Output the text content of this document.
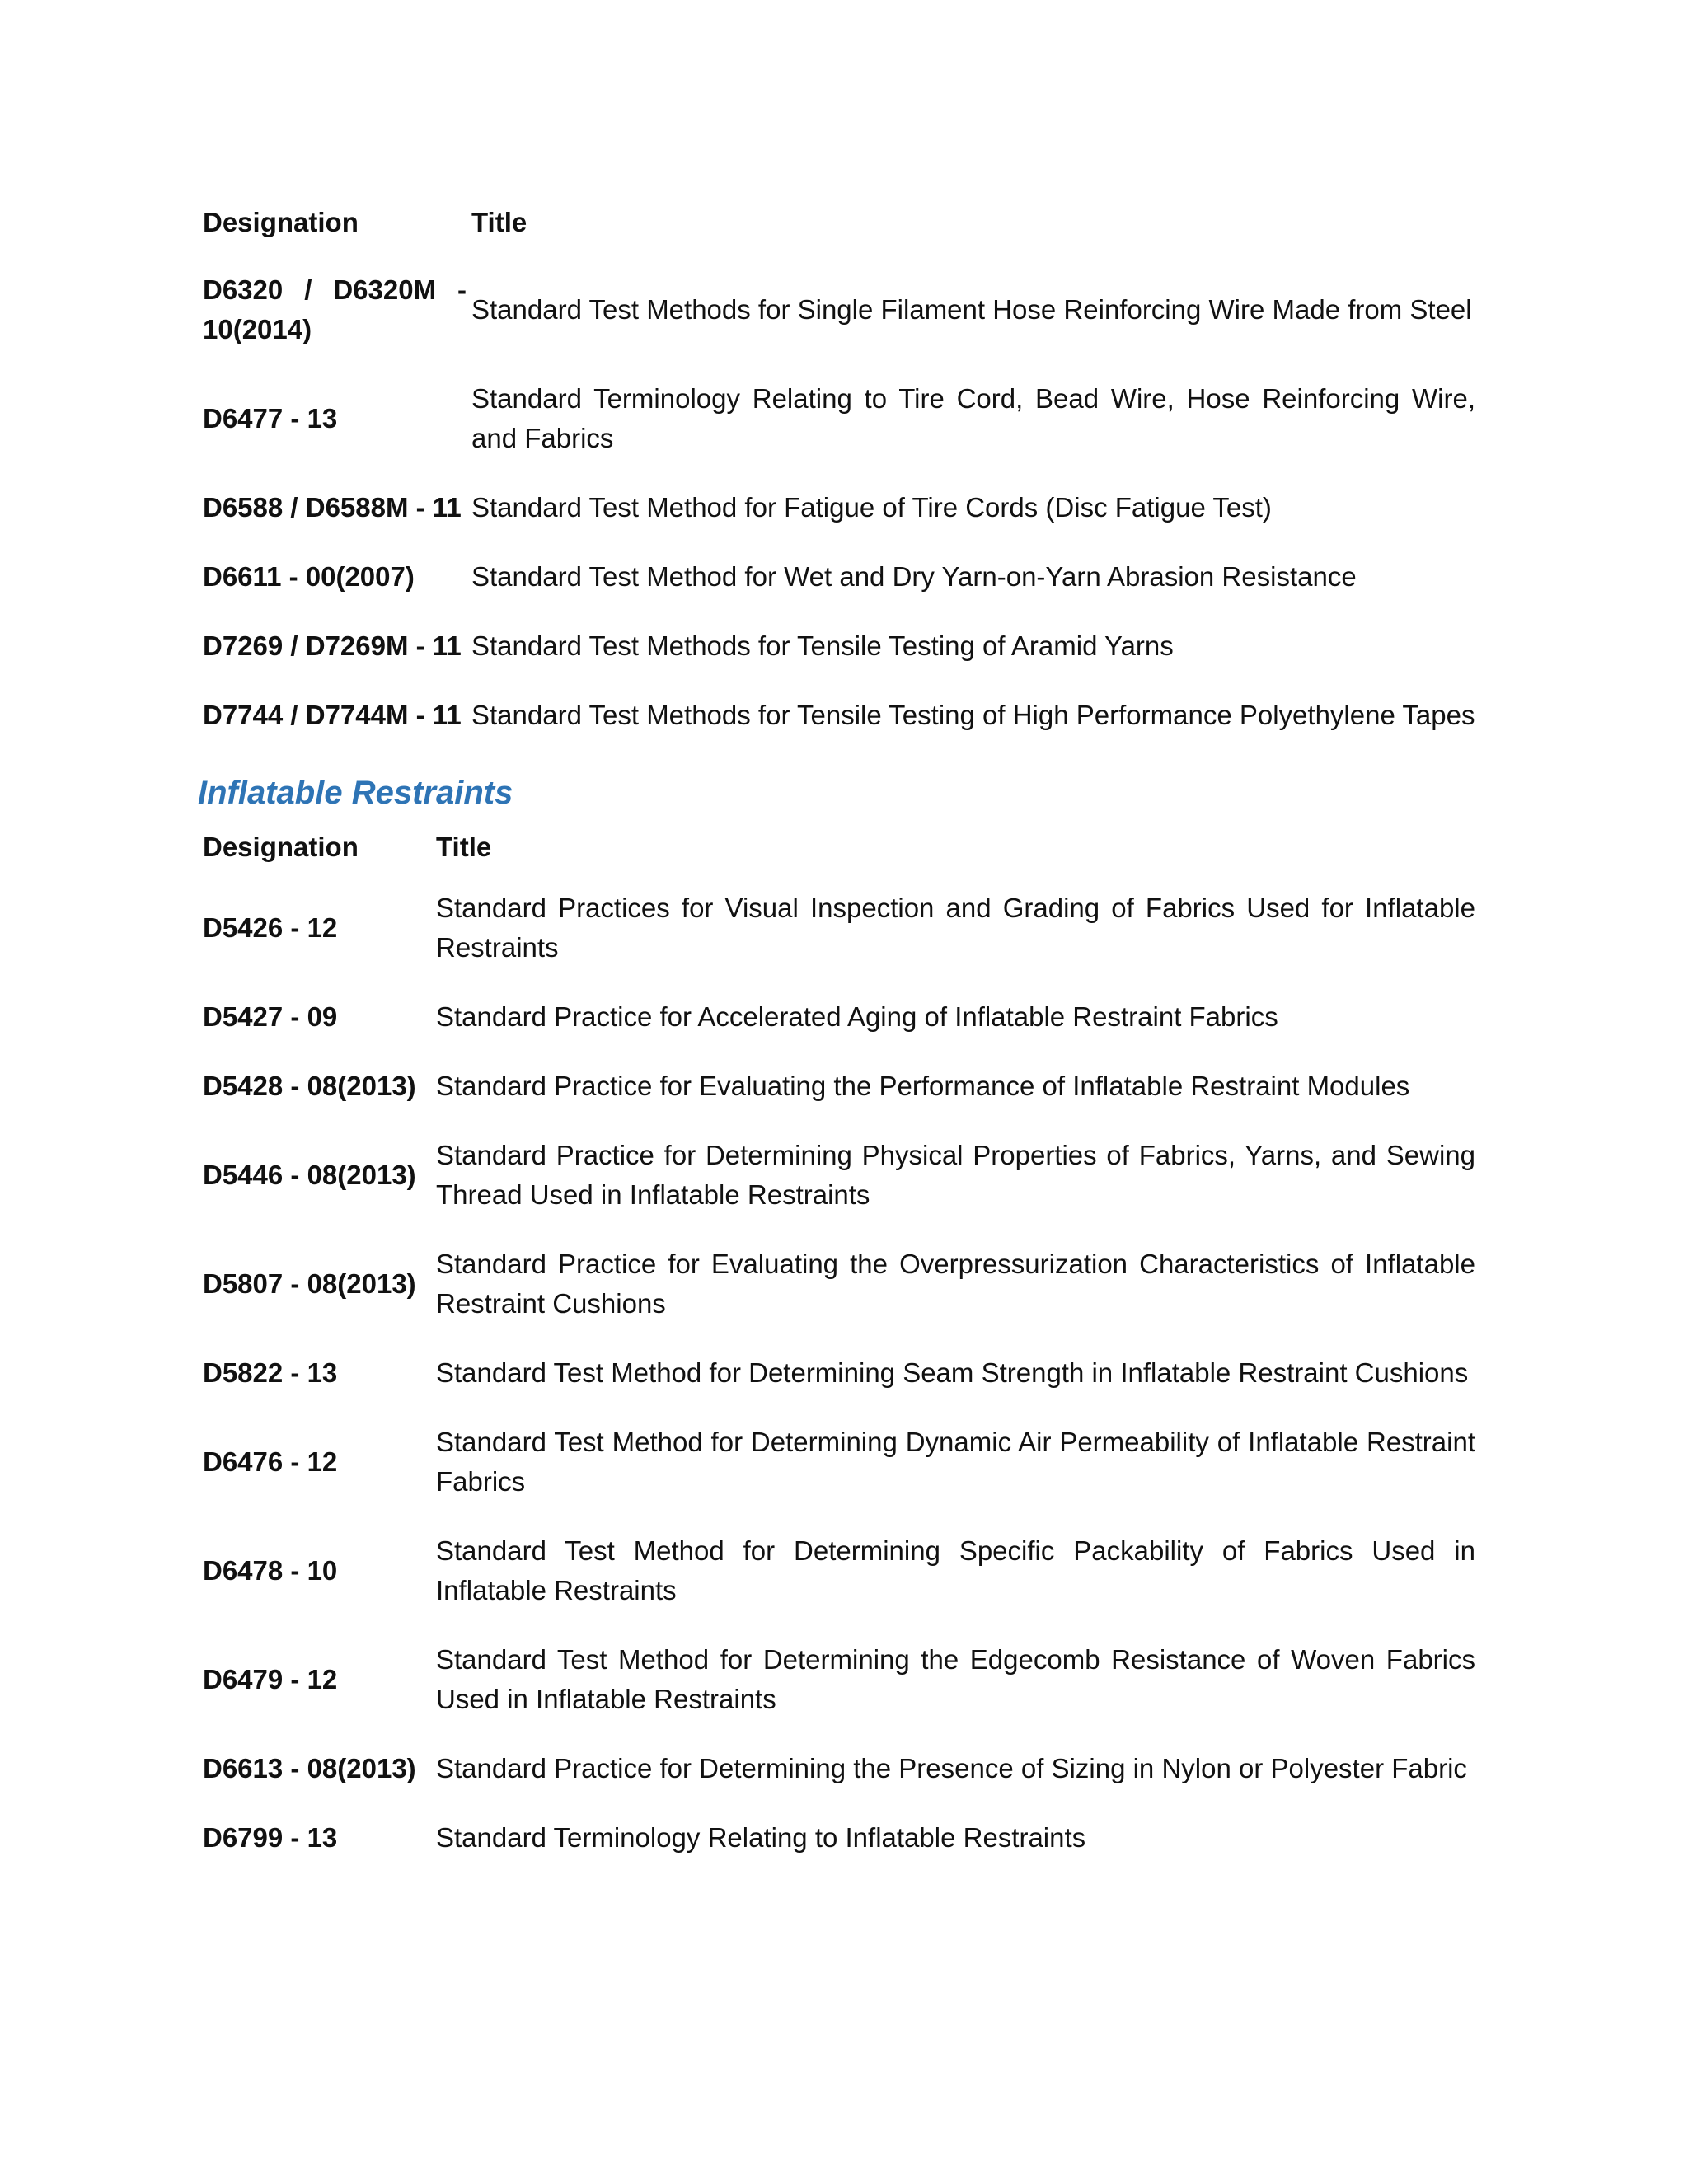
Designation	Title
D6320 / D6320M - 10(2014)	Standard Test Methods for Single Filament Hose Reinforcing Wire Made from Steel
D6477 - 13	Standard Terminology Relating to Tire Cord, Bead Wire, Hose Reinforcing Wire, and Fabrics
D6588 / D6588M - 11	Standard Test Method for Fatigue of Tire Cords (Disc Fatigue Test)
D6611 - 00(2007)	Standard Test Method for Wet and Dry Yarn-on-Yarn Abrasion Resistance
D7269 / D7269M - 11	Standard Test Methods for Tensile Testing of Aramid Yarns
D7744 / D7744M - 11	Standard Test Methods for Tensile Testing of High Performance Polyethylene Tapes
Inflatable Restraints
Designation	Title
D5426 - 12	Standard Practices for Visual Inspection and Grading of Fabrics Used for Inflatable Restraints
D5427 - 09	Standard Practice for Accelerated Aging of Inflatable Restraint Fabrics
D5428 - 08(2013)	Standard Practice for Evaluating the Performance of Inflatable Restraint Modules
D5446 - 08(2013)	Standard Practice for Determining Physical Properties of Fabrics, Yarns, and Sewing Thread Used in Inflatable Restraints
D5807 - 08(2013)	Standard Practice for Evaluating the Overpressurization Characteristics of Inflatable Restraint Cushions
D5822 - 13	Standard Test Method for Determining Seam Strength in Inflatable Restraint Cushions
D6476 - 12	Standard Test Method for Determining Dynamic Air Permeability of Inflatable Restraint Fabrics
D6478 - 10	Standard Test Method for Determining Specific Packability of Fabrics Used in Inflatable Restraints
D6479 - 12	Standard Test Method for Determining the Edgecomb Resistance of Woven Fabrics Used in Inflatable Restraints
D6613 - 08(2013)	Standard Practice for Determining the Presence of Sizing in Nylon or Polyester Fabric
D6799 - 13	Standard Terminology Relating to Inflatable Restraints
